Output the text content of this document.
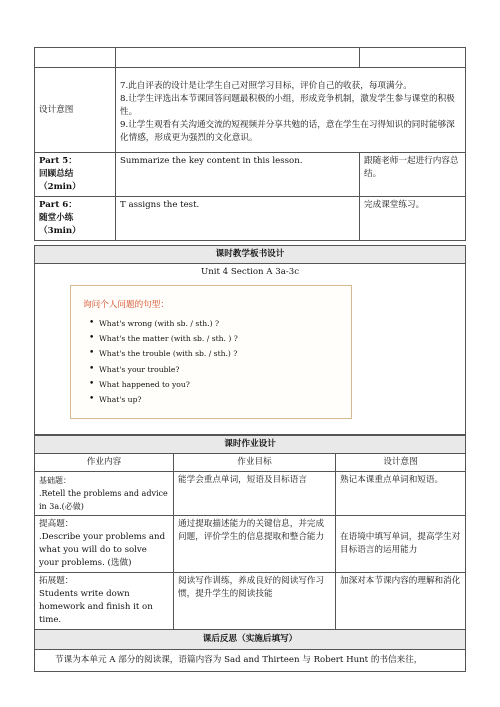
设计意图	7.此自评表的设计是让学生自己对照学习目标，评价自己的收获，每项满分。
8.让学生评选出本节课回答问题最积极的小组，形成竞争机制，激发学生参与课堂的积极性。
9.让学生观看有关沟通交流的短视频并分享共勉的话，意在学生在习得知识的同时能够深化情感，形成更为强烈的文化意识。	

Part 5：
回顾总结
（2min）	Summarize the key content in this lesson.	跟随老师一起进行内容总结。

Part 6：
随堂小练
（3min）	T assigns the test.	完成课堂练习。
课时教学板书设计

Unit 4 Section A 3a-3c
询问个人问题的句型：
• What's wrong (with sb. / sth.) ?
• What's the matter (with sb. / sth. ) ?
• What's the trouble (with sb. / sth.) ?
• What's your trouble?
• What happened to you?
• What's up?
课时作业设计		
作业内容	作业目标	设计意图

基础题：
.Retell the problems and advice in 3a.(必做)	能学会重点单词，短语及目标语言	熟记本课重点单词和短语。

提高题：
.Describe your problems and what you will do to solve your problems. (选做)	通过提取描述能力的关键信息，并完成问题，评价学生的信息提取和整合能力	在语境中填写单词，提高学生对目标语言的运用能力

拓展题：
Students write down homework and finish it on time.	阅读写作训练，养成良好的阅读写作习惯，提升学生的阅读技能	加深对本节课内容的理解和消化
课后反思（实施后填写）		
节课为本单元 A 部分的阅读课，语篇内容为 Sad and Thirteen 与 Robert Hunt 的书信来往，		
